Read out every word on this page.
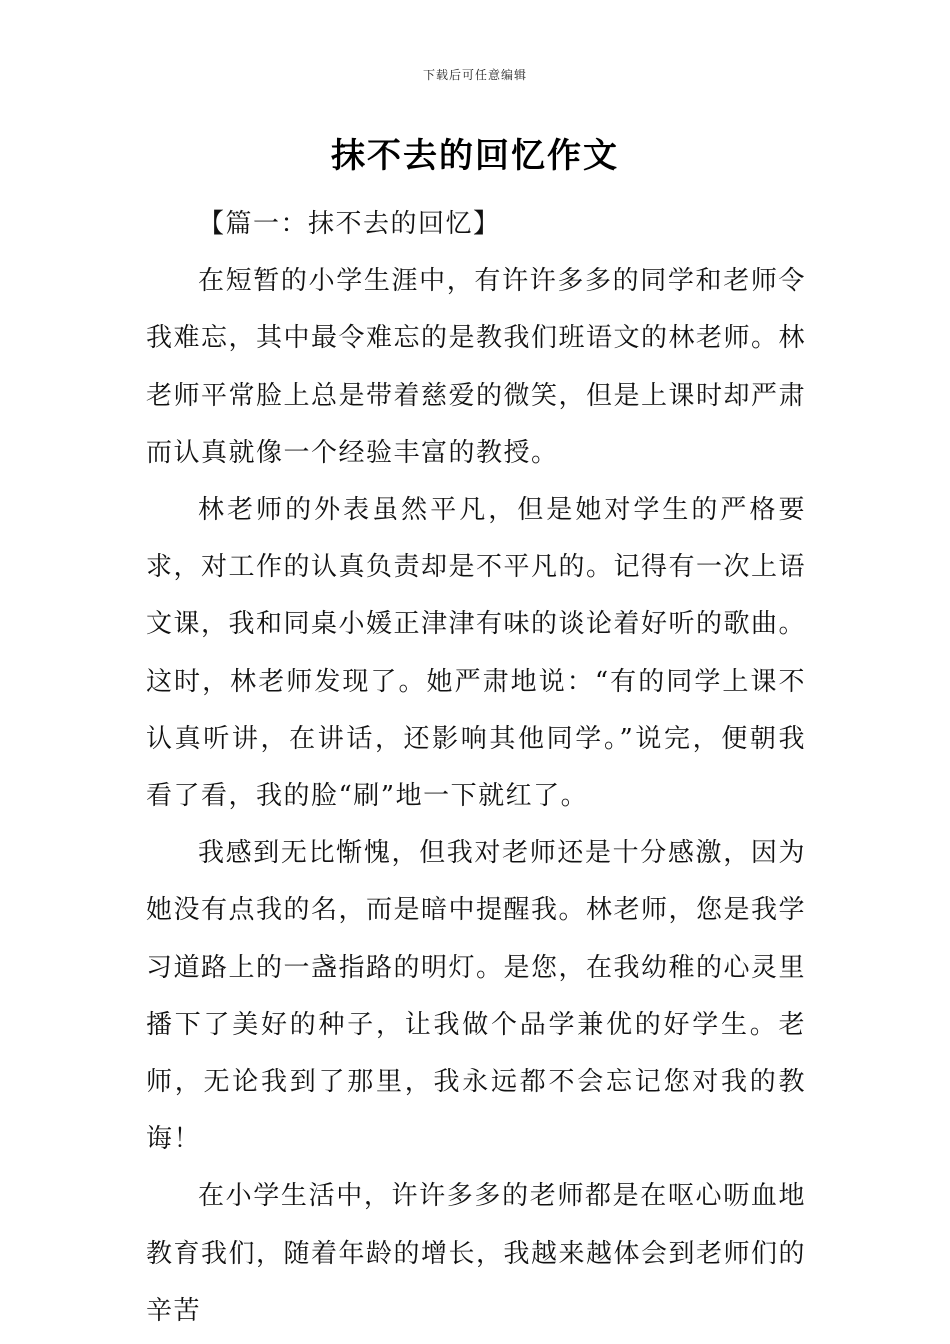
下载后可任意编辑
抹不去的回忆作文

【篇一：抹不去的回忆】

在短暂的小学生涯中，有许许多多的同学和老师令我难忘，其中最令难忘的是教我们班语文的林老师。林老师平常脸上总是带着慈爱的微笑，但是上课时却严肃而认真就像一个经验丰富的教授。

林老师的外表虽然平凡，但是她对学生的严格要求，对工作的认真负责却是不平凡的。记得有一次上语文课，我和同桌小媛正津津有味的谈论着好听的歌曲。这时，林老师发现了。她严肃地说：“有的同学上课不认真听讲，在讲话，还影响其他同学。”说完，便朝我看了看，我的脸“刷”地一下就红了。

我感到无比惭愧，但我对老师还是十分感激，因为她没有点我的名，而是暗中提醒我。林老师，您是我学习道路上的一盏指路的明灯。是您，在我幼稚的心灵里播下了美好的种子，让我做个品学兼优的好学生。老师，无论我到了那里，我永远都不会忘记您对我的教诲！

在小学生活中，许许多多的老师都是在呕心呖血地教育我们，随着年龄的增长，我越来越体会到老师们的辛苦
